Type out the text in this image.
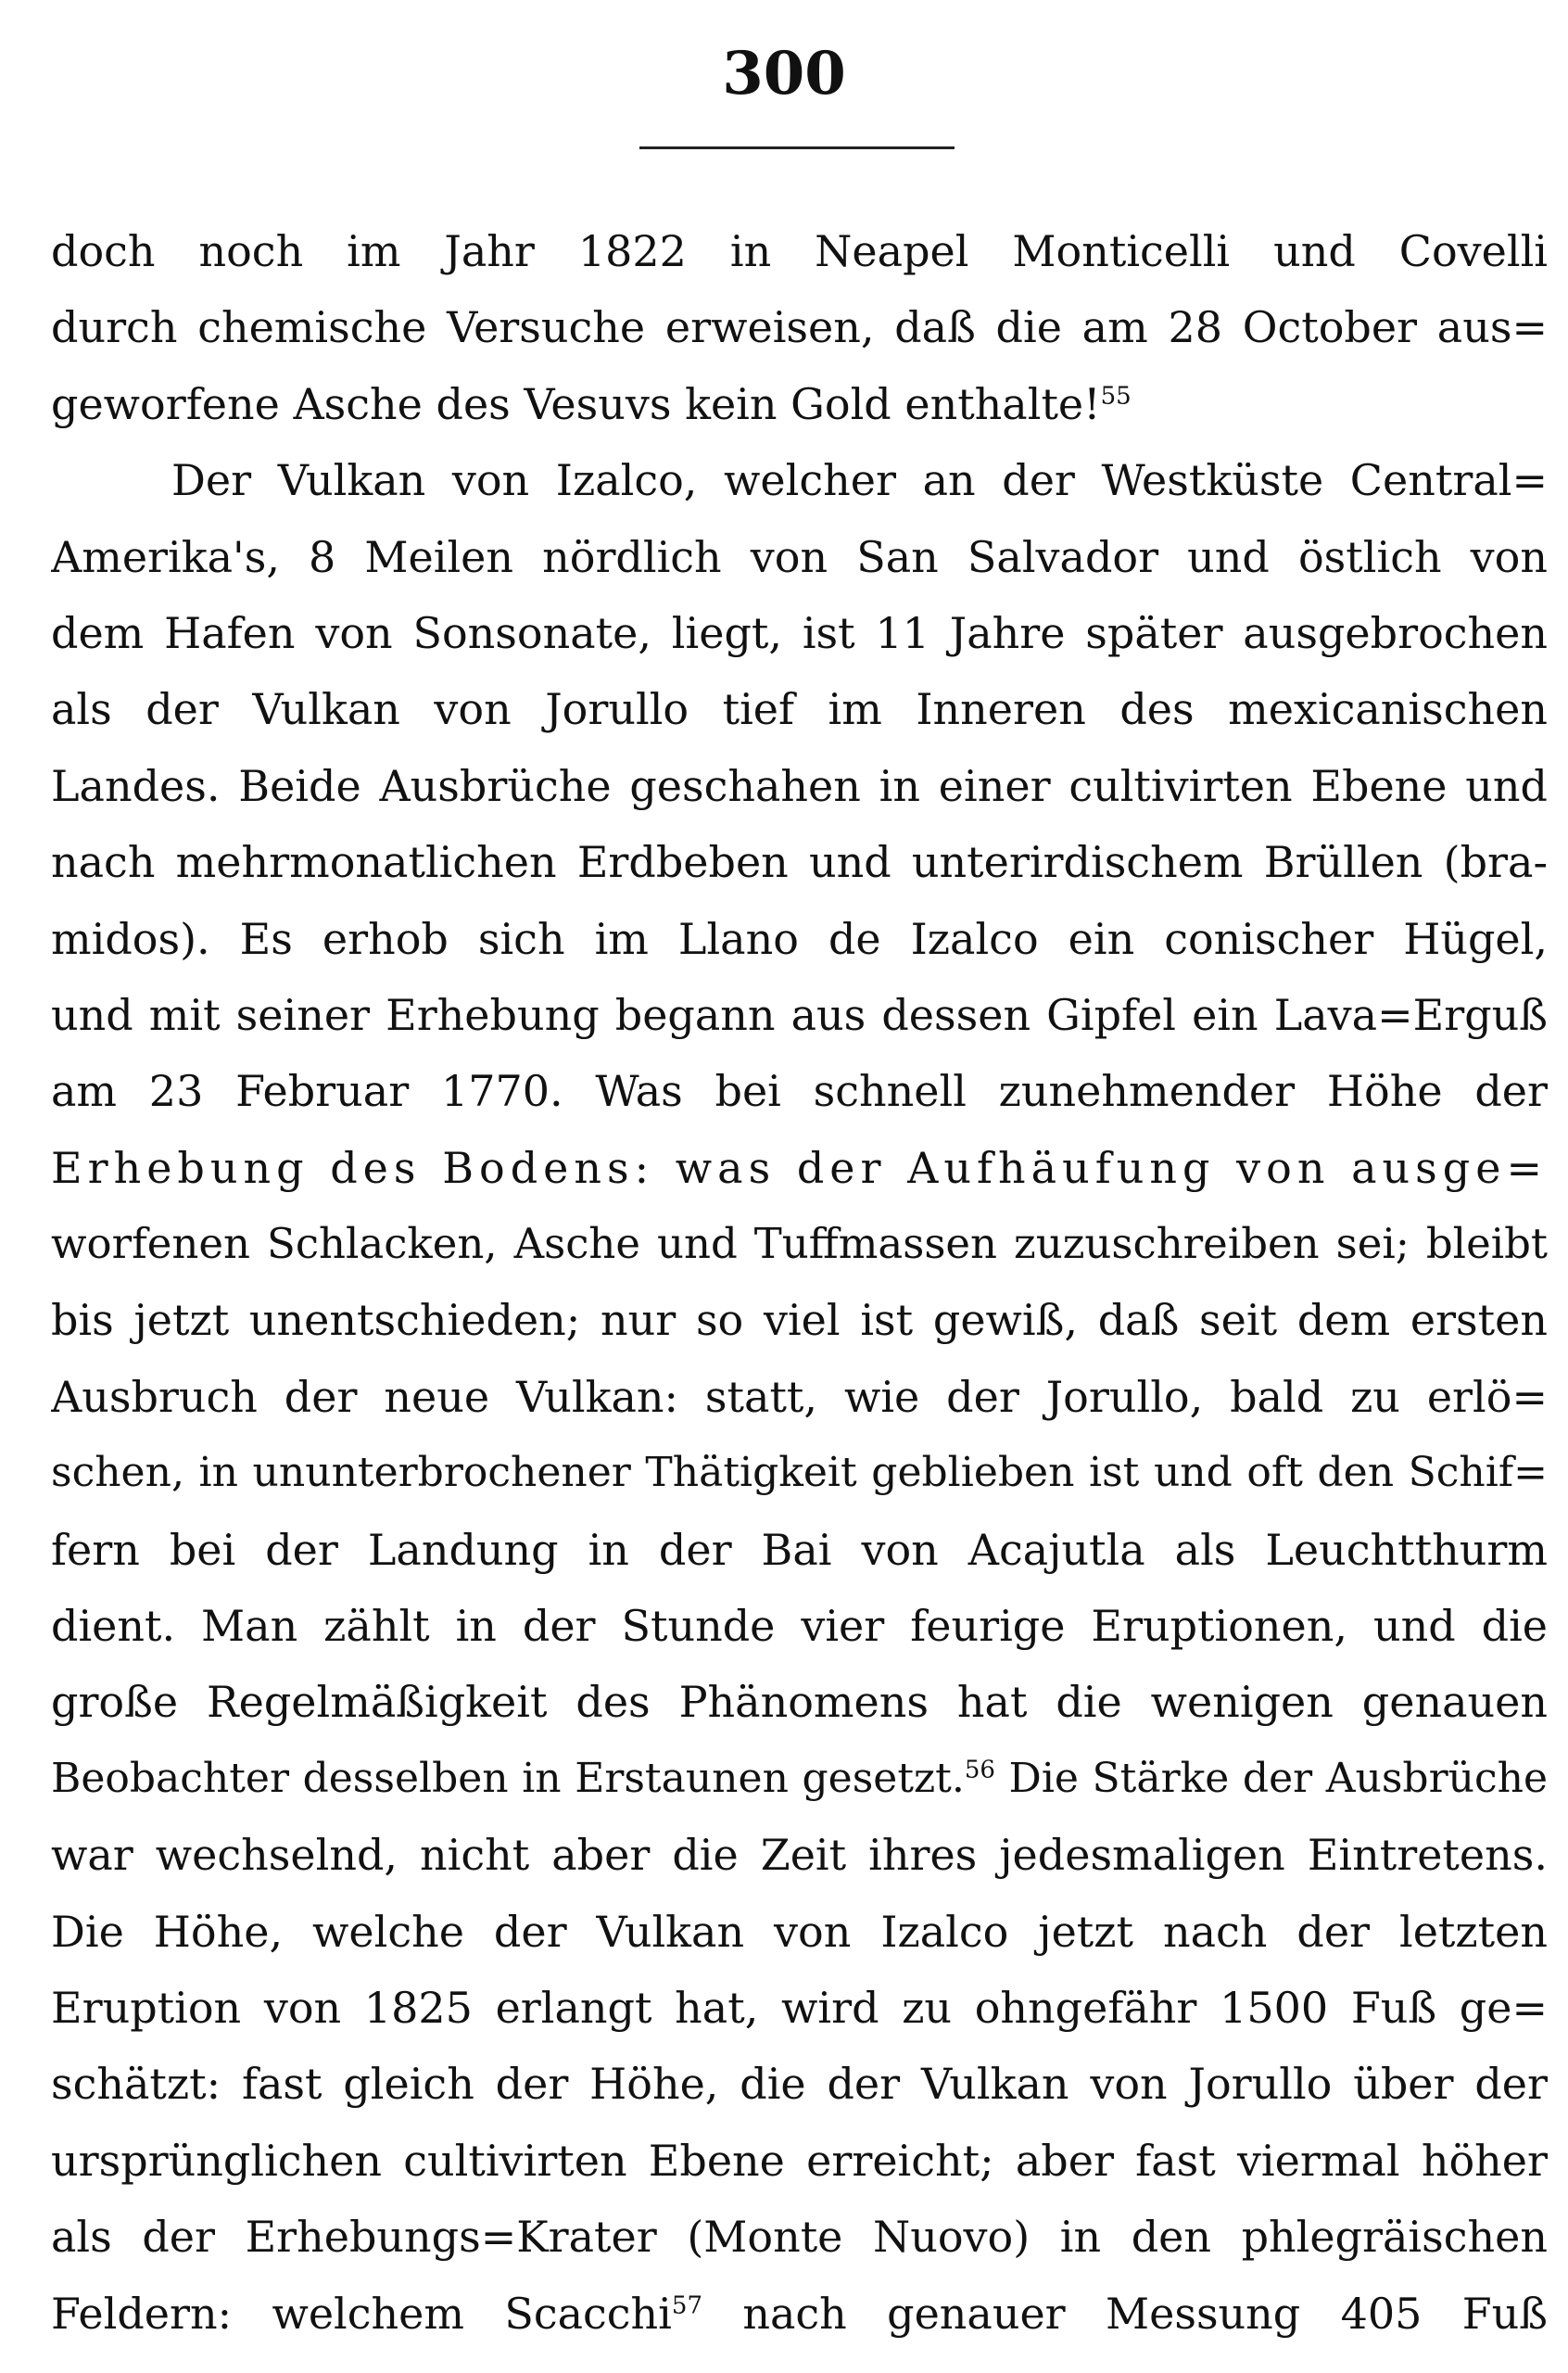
300
doch noch im Jahr 1822 in Neapel Monticelli und Covelli
durch chemische Versuche erweisen, daß die am 28 October aus=
geworfene Asche des Vesuvs kein Gold enthalte!$^{55}$
Der Vulkan von Izalco, welcher an der Westküste Central=
Amerika's, 8 Meilen nördlich von San Salvador und östlich von
dem Hafen von Sonsonate, liegt, ist 11 Jahre später ausgebrochen
als der Vulkan von Jorullo tief im Inneren des mexicanischen
Landes. Beide Ausbrüche geschahen in einer cultivirten Ebene und
nach mehrmonatlichen Erdbeben und unterirdischem Brüllen (bra-
midos). Es erhob sich im Llano de Izalco ein conischer Hügel,
und mit seiner Erhebung begann aus dessen Gipfel ein Lava=Erguß
am 23 Februar 1770. Was bei schnell zunehmender Höhe der
Erhebung des Bodens: was der Aufhäufung von ausge=
worfenen Schlacken, Asche und Tuffmassen zuzuschreiben sei; bleibt
bis jetzt unentschieden; nur so viel ist gewiß, daß seit dem ersten
Ausbruch der neue Vulkan: statt, wie der Jorullo, bald zu erlö=
schen, in ununterbrochener Thätigkeit geblieben ist und oft den Schif=
fern bei der Landung in der Bai von Acajutla als Leuchtthurm
dient. Man zählt in der Stunde vier feurige Eruptionen, und die
große Regelmäßigkeit des Phänomens hat die wenigen genauen
Beobachter desselben in Erstaunen gesetzt.$^{56}$ Die Stärke der Ausbrüche
war wechselnd, nicht aber die Zeit ihres jedesmaligen Eintretens.
Die Höhe, welche der Vulkan von Izalco jetzt nach der letzten
Eruption von 1825 erlangt hat, wird zu ohngefähr 1500 Fuß ge=
schätzt: fast gleich der Höhe, die der Vulkan von Jorullo über der
ursprünglichen cultivirten Ebene erreicht; aber fast viermal höher
als der Erhebungs=Krater (Monte Nuovo) in den phlegräischen
Feldern: welchem Scacchi$^{57}$ nach genauer Messung 405 Fuß
